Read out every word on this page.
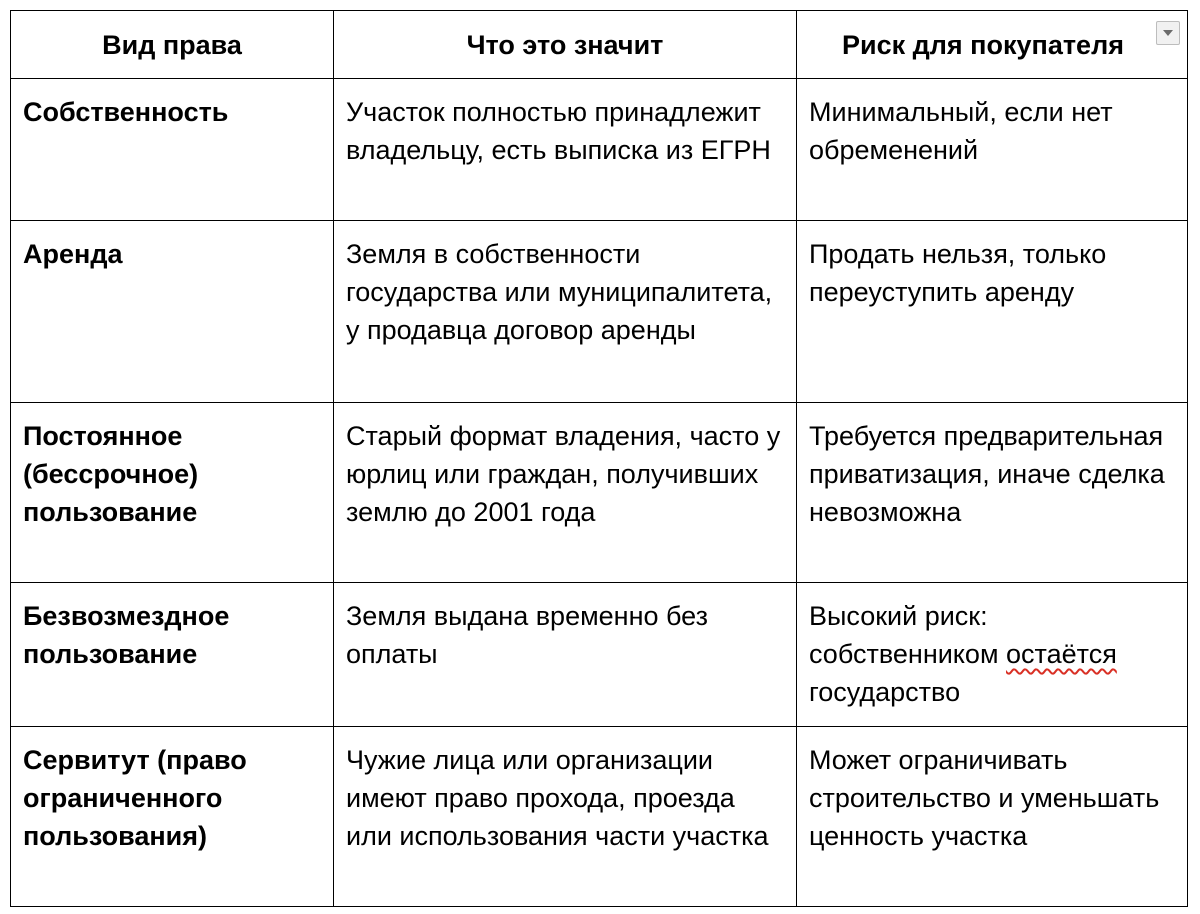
Вид права	Что это значит	Риск для покупателя
Собственность	Участок полностью принадлежит владельцу, есть выписка из ЕГРН	Минимальный, если нет обременений
Аренда	Земля в собственности государства или муниципалитета, у продавца договор аренды	Продать нельзя, только переуступить аренду
Постоянное (бессрочное) пользование	Старый формат владения, часто у юрлиц или граждан, получивших землю до 2001 года	Требуется предварительная приватизация, иначе сделка невозможна
Безвозмездное пользование	Земля выдана временно без оплаты	Высокий риск: собственником остаётся государство
Сервитут (право ограниченного пользования)	Чужие лица или организации имеют право прохода, проезда или использования части участка	Может ограничивать строительство и уменьшать ценность участка
